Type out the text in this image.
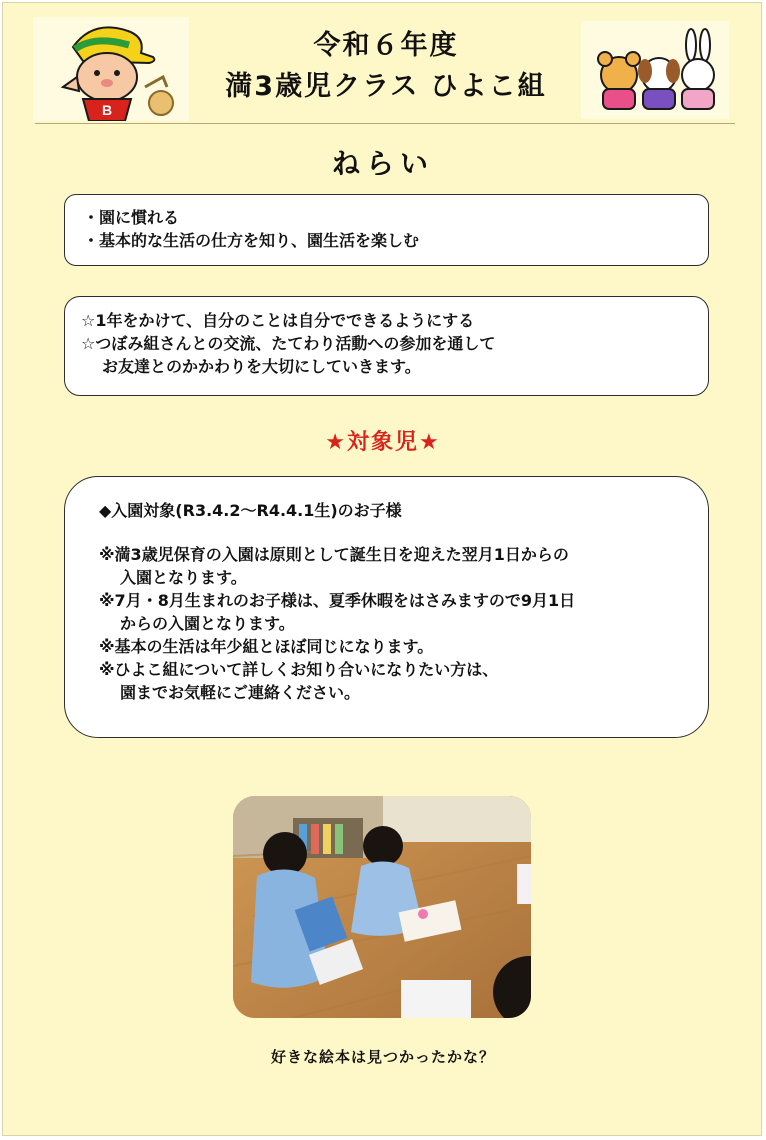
B
令和６年度
満3歳児クラス ひよこ組
ねらい
・園に慣れる
・基本的な生活の仕方を知り、園生活を楽しむ
☆1年をかけて、自分のことは自分でできるようにする
☆つぼみ組さんとの交流、たてわり活動への参加を通して
お友達とのかかわりを大切にしていきます。
★対象児★
◆入園対象(R3.4.2～R4.4.1生)のお子様
※満3歳児保育の入園は原則として誕生日を迎えた翌月1日からの
入園となります。
※7月・8月生まれのお子様は、夏季休暇をはさみますので9月1日
からの入園となります。
※基本の生活は年少組とほぼ同じになります。
※ひよこ組について詳しくお知り合いになりたい方は、
園までお気軽にご連絡ください。
好きな絵本は見つかったかな？
